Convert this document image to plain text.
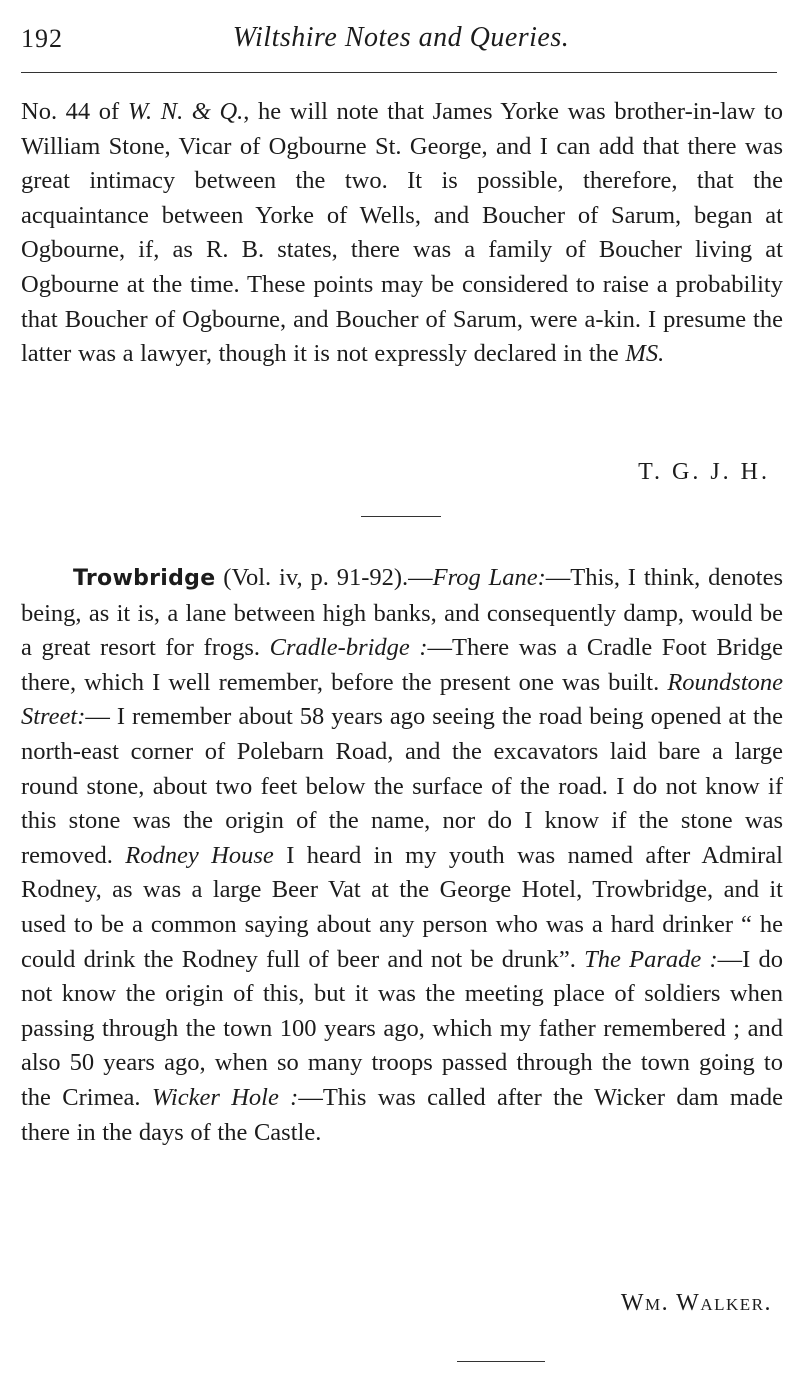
192	Wiltshire Notes and Queries.

No. 44 of W. N. & Q., he will note that James Yorke was brother-in-law to William Stone, Vicar of Ogbourne St. George, and I can add that there was great intimacy between the two. It is possible, therefore, that the acquaintance between Yorke of Wells, and Boucher of Sarum, began at Ogbourne, if, as R. B. states, there was a family of Boucher living at Ogbourne at the time. These points may be considered to raise a probability that Boucher of Ogbourne, and Boucher of Sarum, were a-kin. I presume the latter was a lawyer, though it is not expressly declared in the MS.

T. G. J. H.

Trowbridge (Vol. iv, p. 91-92).—Frog Lane:—This, I think, denotes being, as it is, a lane between high banks, and consequently damp, would be a great resort for frogs. Cradle-bridge :—There was a Cradle Foot Bridge there, which I well remember, before the present one was built. Roundstone Street:— I remember about 58 years ago seeing the road being opened at the north-east corner of Polebarn Road, and the excavators laid bare a large round stone, about two feet below the surface of the road. I do not know if this stone was the origin of the name, nor do I know if the stone was removed. Rodney House I heard in my youth was named after Admiral Rodney, as was a large Beer Vat at the George Hotel, Trowbridge, and it used to be a common saying about any person who was a hard drinker “ he could drink the Rodney full of beer and not be drunk”. The Parade :—I do not know the origin of this, but it was the meeting place of soldiers when passing through the town 100 years ago, which my father remembered ; and also 50 years ago, when so many troops passed through the town going to the Crimea. Wicker Hole :—This was called after the Wicker dam made there in the days of the Castle.

Wm. Walker.
